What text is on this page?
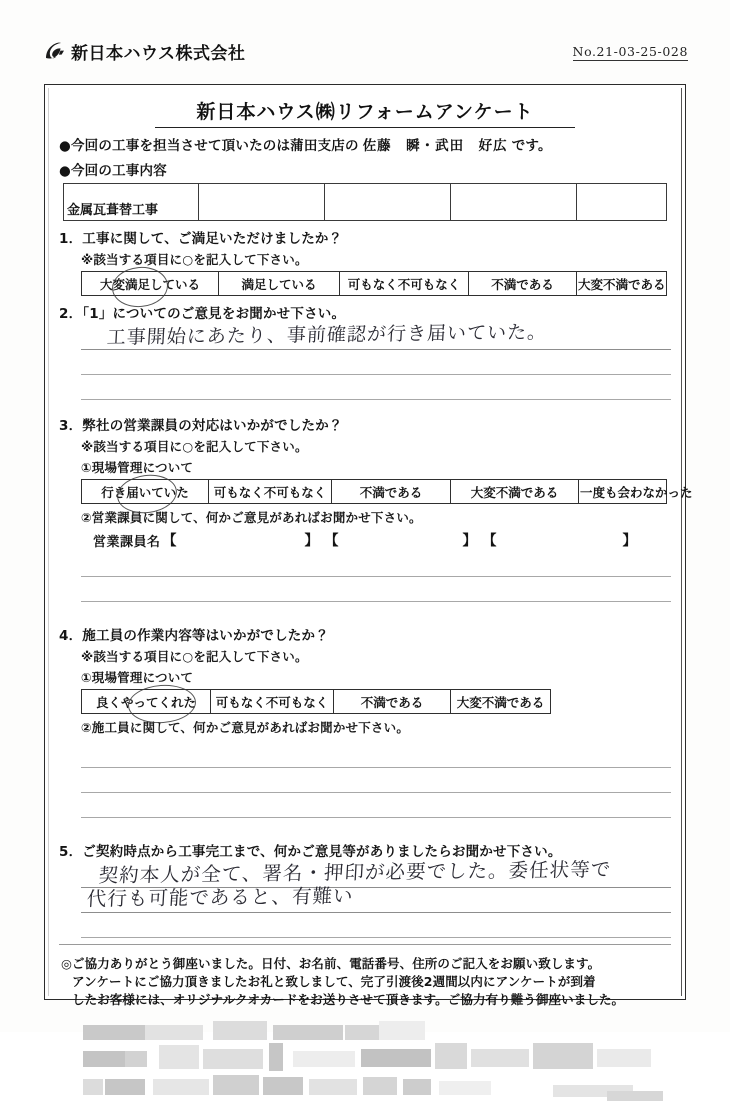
新日本ハウス株式会社	No.21-03-25-028
新日本ハウス㈱リフォームアンケート
●今回の工事を担当させて頂いたのは蒲田支店の 佐藤　瞬・武田　好広 です。
●今回の工事内容
金属瓦葺替工事				
1．工事に関して、ご満足いただけましたか？
※該当する項目に○を記入して下さい。
大変満足している	満足している	可もなく不可もなく	不満である	大変不満である
2．「1」についてのご意見をお聞かせ下さい。
工事開始にあたり、事前確認が行き届いていた。
3．弊社の営業課員の対応はいかがでしたか？
※該当する項目に○を記入して下さい。
①現場管理について
行き届いていた	可もなく不可もなく	不満である	大変不満である	一度も会わなかった
②営業課員に関して、何かご意見があればお聞かせ下さい。
営業課員名 【	】 【	】 【	】
4．施工員の作業内容等はいかがでしたか？
※該当する項目に○を記入して下さい。
①現場管理について
良くやってくれた	可もなく不可もなく	不満である	大変不満である
②施工員に関して、何かご意見があればお聞かせ下さい。
5．ご契約時点から工事完工まで、何かご意見等がありましたらお聞かせ下さい。
契約本人が全て、署名・押印が必要でした。委任状等で
代行も可能であると、有難い
◎ご協力ありがとう御座いました。日付、お名前、電話番号、住所のご記入をお願い致します。
アンケートにご協力頂きましたお礼と致しまして、完了引渡後2週間以内にアンケートが到着
したお客様には、オリジナルクオカードをお送りさせて頂きます。ご協力有り難う御座いました。
